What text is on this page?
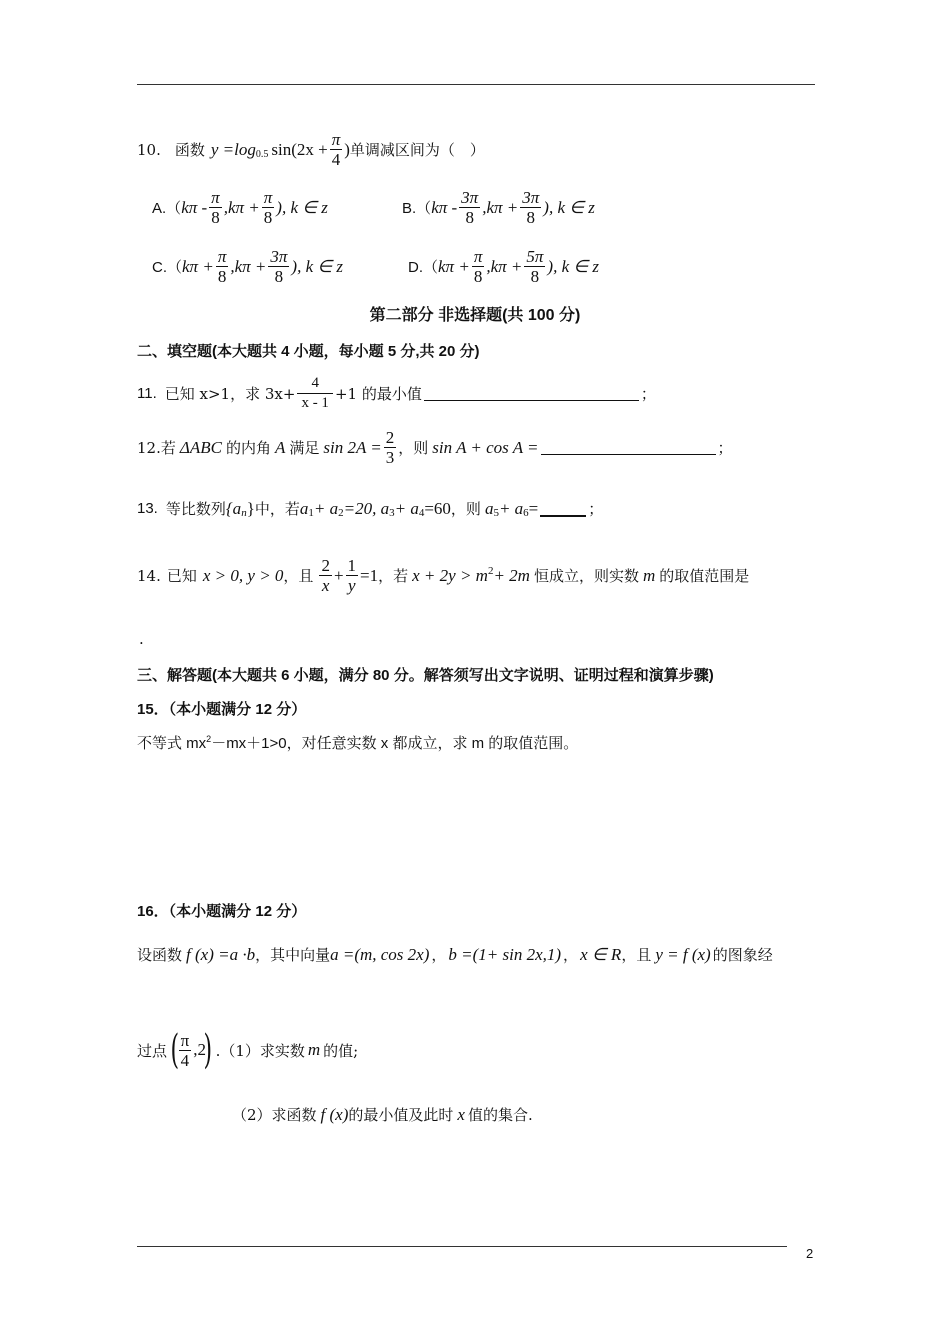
10. 函数 $y =\log_{0.5}$ $\sin(2x + \frac{\pi}{4}$ ) 单调减区间为（　）
A.（ $k\pi - \frac{\pi}{8} ,k\pi + \frac{\pi}{8}$ ), k ∈ z	B.（ $k\pi - \frac{3\pi}{8} ,k\pi + \frac{3\pi}{8}$ ), k ∈ z
C.（ $k\pi + \frac{\pi}{8} ,k\pi + \frac{3\pi}{8}$ ), k ∈ z	D.（ $k\pi + \frac{\pi}{8} ,k\pi + \frac{5\pi}{8}$ ), k ∈ z
第二部分 非选择题(共 100 分)
二、填空题(本大题共 4 小题，每小题 5 分,共 20 分)
11. 已知 x>1，求 $3x+ \frac{4}{x - 1} +1$ 的最小值	；
12. 若 ΔABC 的内角 A 满足 $\sin 2A = \frac{2}{3}$ ，则 sin A + cos A =	；
13. 等比数列 {$a_n$ } 中，若 $a_1 + a_2 =20$, $a_3 + a_4 =60$ ，则 $a_5 + a_6$ =	；
14. 已知 x > 0, y > 0 ，且 $\frac{2}{x} + \frac{1}{y} =1$ ，若 $x + 2y > m^2 + 2m$ 恒成立，则实数 m 的取值范围是
.
三、解答题(本大题共 6 小题，满分 80 分。解答须写出文字说明、证明过程和演算步骤)
15．（本小题满分 12 分）
不等式 $mx^2 -mx+1>0$，对任意实数 x 都成立，求 m 的取值范围。
16．（本小题满分 12 分）
设函数 f (x) =a ·b ，其中向量 a =(m, cos 2x) ， b =(1+ sin 2x,1) ， x ∈ R ，且 y = f (x) 的图象经
过点 ( $\frac{\pi}{4} ,2$
) .（1）求实数 m 的值;
（2）求函数 f (x) 的最小值及此时 x 值的集合.
2
